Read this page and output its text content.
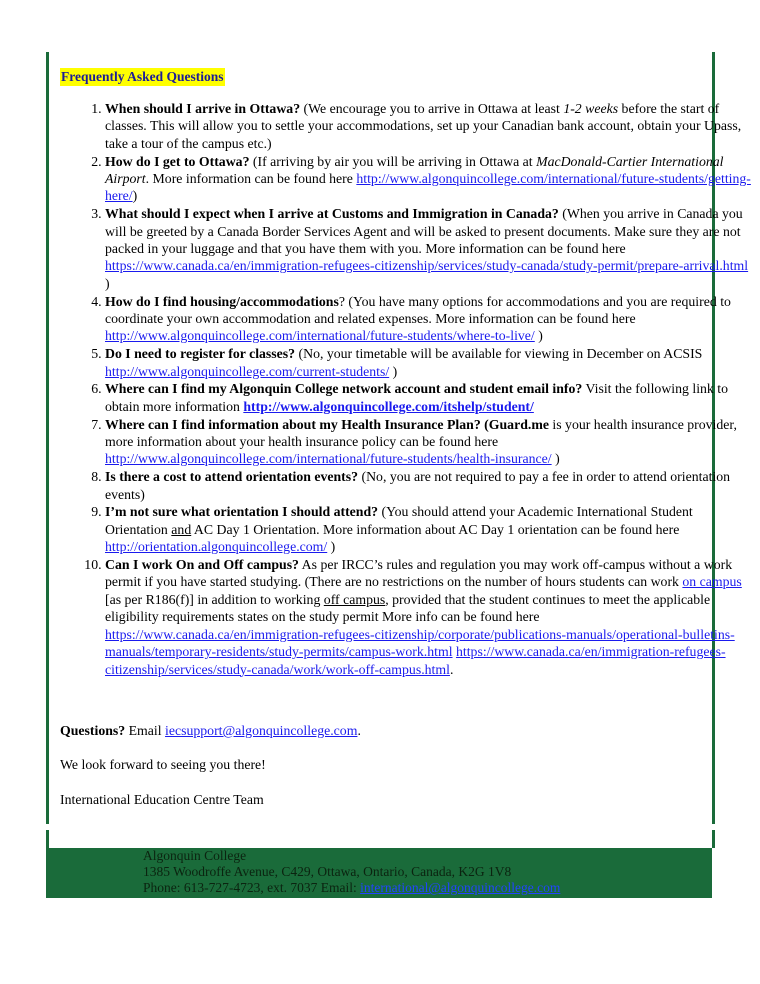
Frequently Asked Questions
1. When should I arrive in Ottawa? (We encourage you to arrive in Ottawa at least 1-2 weeks before the start of classes. This will allow you to settle your accommodations, set up your Canadian bank account, obtain your Upass, take a tour of the campus etc.)
2. How do I get to Ottawa? (If arriving by air you will be arriving in Ottawa at MacDonald-Cartier International Airport. More information can be found here http://www.algonquincollege.com/international/future-students/getting-here/)
3. What should I expect when I arrive at Customs and Immigration in Canada? (When you arrive in Canada you will be greeted by a Canada Border Services Agent and will be asked to present documents. Make sure they are not packed in your luggage and that you have them with you. More information can be found here https://www.canada.ca/en/immigration-refugees-citizenship/services/study-canada/study-permit/prepare-arrival.html )
4. How do I find housing/accommodations? (You have many options for accommodations and you are required to coordinate your own accommodation and related expenses. More information can be found here http://www.algonquincollege.com/international/future-students/where-to-live/ )
5. Do I need to register for classes? (No, your timetable will be available for viewing in December on ACSIS http://www.algonquincollege.com/current-students/ )
6. Where can I find my Algonquin College network account and student email info? Visit the following link to obtain more information http://www.algonquincollege.com/itshelp/student/
7. Where can I find information about my Health Insurance Plan? (Guard.me is your health insurance provider, more information about your health insurance policy can be found here http://www.algonquincollege.com/international/future-students/health-insurance/ )
8. Is there a cost to attend orientation events? (No, you are not required to pay a fee in order to attend orientation events)
9. I’m not sure what orientation I should attend? (You should attend your Academic International Student Orientation and AC Day 1 Orientation. More information about AC Day 1 orientation can be found here http://orientation.algonquincollege.com/ )
10. Can I work On and Off campus? As per IRCC’s rules and regulation you may work off-campus without a work permit if you have started studying. (There are no restrictions on the number of hours students can work on campus [as per R186(f)] in addition to working off campus, provided that the student continues to meet the applicable eligibility requirements states on the study permit More info can be found here https://www.canada.ca/en/immigration-refugees-citizenship/corporate/publications-manuals/operational-bulletins-manuals/temporary-residents/study-permits/campus-work.html https://www.canada.ca/en/immigration-refugees-citizenship/services/study-canada/work/work-off-campus.html.
Questions? Email iecsupport@algonquincollege.com.
We look forward to seeing you there!
International Education Centre Team
Algonquin College
1385 Woodroffe Avenue, C429, Ottawa, Ontario, Canada, K2G 1V8
Phone: 613-727-4723, ext. 7037 Email: international@algonquincollege.com
